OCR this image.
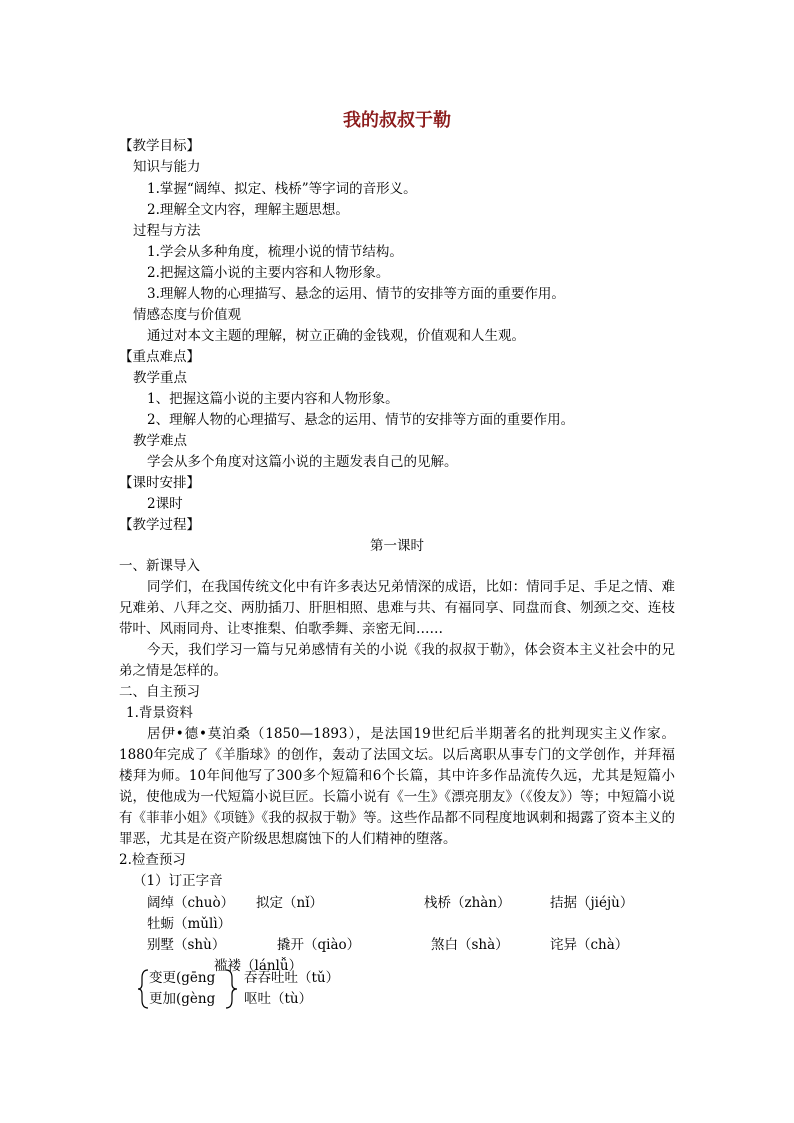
我的叔叔于勒
【教学目标】
知识与能力
1.掌握“阔绰、拟定、栈桥”等字词的音形义。
2.理解全文内容，理解主题思想。
过程与方法
1.学会从多种角度，梳理小说的情节结构。
2.把握这篇小说的主要内容和人物形象。
3.理解人物的心理描写、悬念的运用、情节的安排等方面的重要作用。
情感态度与价值观
通过对本文主题的理解，树立正确的金钱观，价值观和人生观。
【重点难点】
教学重点
1、把握这篇小说的主要内容和人物形象。
2、理解人物的心理描写、悬念的运用、情节的安排等方面的重要作用。
教学难点
学会从多个角度对这篇小说的主题发表自己的见解。
【课时安排】
2课时
【教学过程】
第一课时
一、新课导入
同学们，在我国传统文化中有许多表达兄弟情深的成语，比如：情同手足、手足之情、难兄难弟、八拜之交、两肋插刀、肝胆相照、患难与共、有福同享、同盘而食、刎颈之交、连枝带叶、风雨同舟、让枣推梨、伯歌季舞、亲密无间……
今天，我们学习一篇与兄弟感情有关的小说《我的叔叔于勒》，体会资本主义社会中的兄弟之情是怎样的。
二、自主预习
1.背景资料
居伊•德•莫泊桑（1850—1893），是法国19世纪后半期著名的批判现实主义作家。1880年完成了《羊脂球》的创作，轰动了法国文坛。以后离职从事专门的文学创作，并拜福楼拜为师。10年间他写了300多个短篇和6个长篇，其中许多作品流传久远，尤其是短篇小说，使他成为一代短篇小说巨匠。长篇小说有《一生》《漂亮朋友》（《俊友》）等；中短篇小说有《菲菲小姐》《项链》《我的叔叔于勒》等。这些作品都不同程度地讽刺和揭露了资本主义的罪恶，尤其是在资产阶级思想腐蚀下的人们精神的堕落。
2.检查预习
（1）订正字音
阔绰（chuò） 拟定（nǐ）	栈桥（zhàn）	拮据（jiéjù）
牡蛎（mǔlì）
别墅（shù）	撬开（qiào）	煞白（shà）	诧异（chà）
褴褛（lánlǚ）
变更(gēng
更加(gèng
吞吞吐吐（tǔ）
呕吐（tù）
